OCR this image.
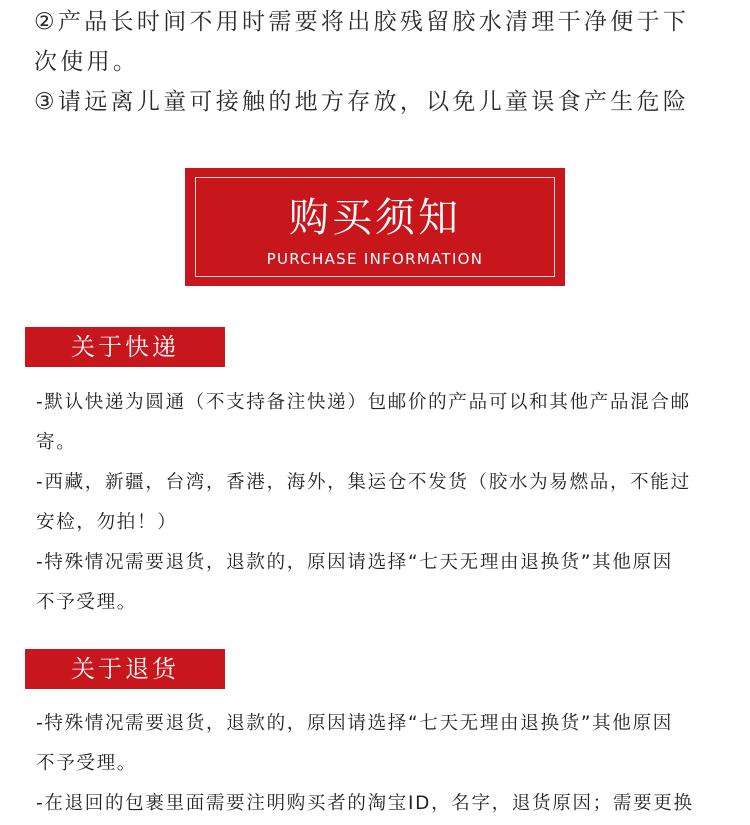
②产品长时间不用时需要将出胶残留胶水清理干净便于下
次使用。
③请远离儿童可接触的地方存放，以免儿童误食产生危险
购买须知
PURCHASE INFORMATION
关于快递
-默认快递为圆通（不支持备注快递）包邮价的产品可以和其他产品混合邮
寄。
-西藏，新疆，台湾，香港，海外，集运仓不发货（胶水为易燃品，不能过
安检，勿拍！）
-特殊情况需要退货，退款的，原因请选择“七天无理由退换货”其他原因
不予受理。
关于退货
-特殊情况需要退货，退款的，原因请选择“七天无理由退换货”其他原因
不予受理。
-在退回的包裹里面需要注明购买者的淘宝ID，名字，退货原因；需要更换
